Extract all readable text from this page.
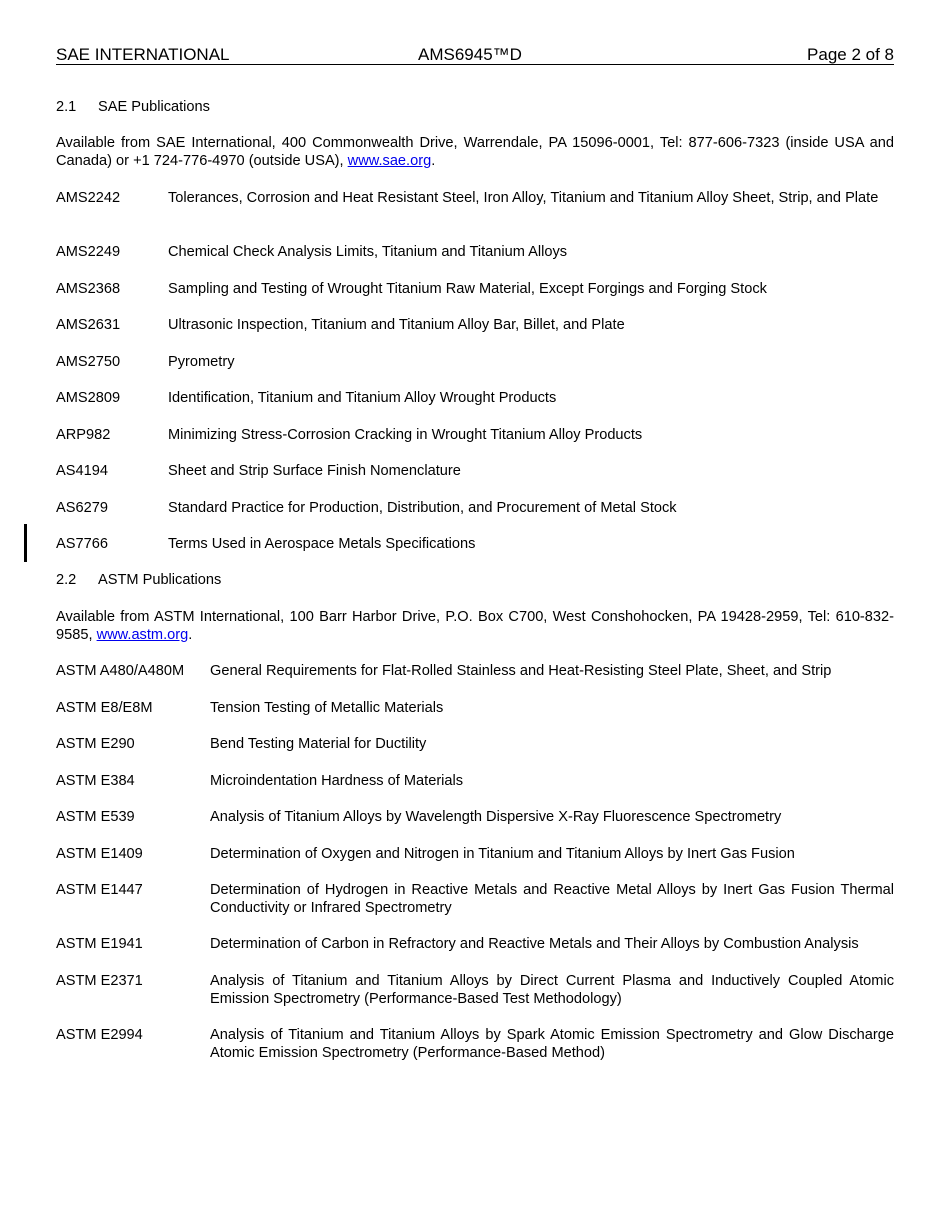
SAE INTERNATIONAL	AMS6945™D	Page 2 of 8
2.1 SAE Publications
Available from SAE International, 400 Commonwealth Drive, Warrendale, PA 15096-0001, Tel: 877-606-7323 (inside USA and Canada) or +1 724-776-4970 (outside USA), www.sae.org.
AMS2242	Tolerances, Corrosion and Heat Resistant Steel, Iron Alloy, Titanium and Titanium Alloy Sheet, Strip, and Plate
AMS2249	Chemical Check Analysis Limits, Titanium and Titanium Alloys
AMS2368	Sampling and Testing of Wrought Titanium Raw Material, Except Forgings and Forging Stock
AMS2631	Ultrasonic Inspection, Titanium and Titanium Alloy Bar, Billet, and Plate
AMS2750	Pyrometry
AMS2809	Identification, Titanium and Titanium Alloy Wrought Products
ARP982	Minimizing Stress-Corrosion Cracking in Wrought Titanium Alloy Products
AS4194	Sheet and Strip Surface Finish Nomenclature
AS6279	Standard Practice for Production, Distribution, and Procurement of Metal Stock
AS7766	Terms Used in Aerospace Metals Specifications
2.2 ASTM Publications
Available from ASTM International, 100 Barr Harbor Drive, P.O. Box C700, West Conshohocken, PA 19428-2959, Tel: 610-832-9585, www.astm.org.
ASTM A480/A480M General Requirements for Flat-Rolled Stainless and Heat-Resisting Steel Plate, Sheet, and Strip
ASTM E8/E8M	Tension Testing of Metallic Materials
ASTM E290	Bend Testing Material for Ductility
ASTM E384	Microindentation Hardness of Materials
ASTM E539	Analysis of Titanium Alloys by Wavelength Dispersive X-Ray Fluorescence Spectrometry
ASTM E1409	Determination of Oxygen and Nitrogen in Titanium and Titanium Alloys by Inert Gas Fusion
ASTM E1447	Determination of Hydrogen in Reactive Metals and Reactive Metal Alloys by Inert Gas Fusion Thermal Conductivity or Infrared Spectrometry
ASTM E1941	Determination of Carbon in Refractory and Reactive Metals and Their Alloys by Combustion Analysis
ASTM E2371	Analysis of Titanium and Titanium Alloys by Direct Current Plasma and Inductively Coupled Atomic Emission Spectrometry (Performance-Based Test Methodology)
ASTM E2994	Analysis of Titanium and Titanium Alloys by Spark Atomic Emission Spectrometry and Glow Discharge Atomic Emission Spectrometry (Performance-Based Method)
